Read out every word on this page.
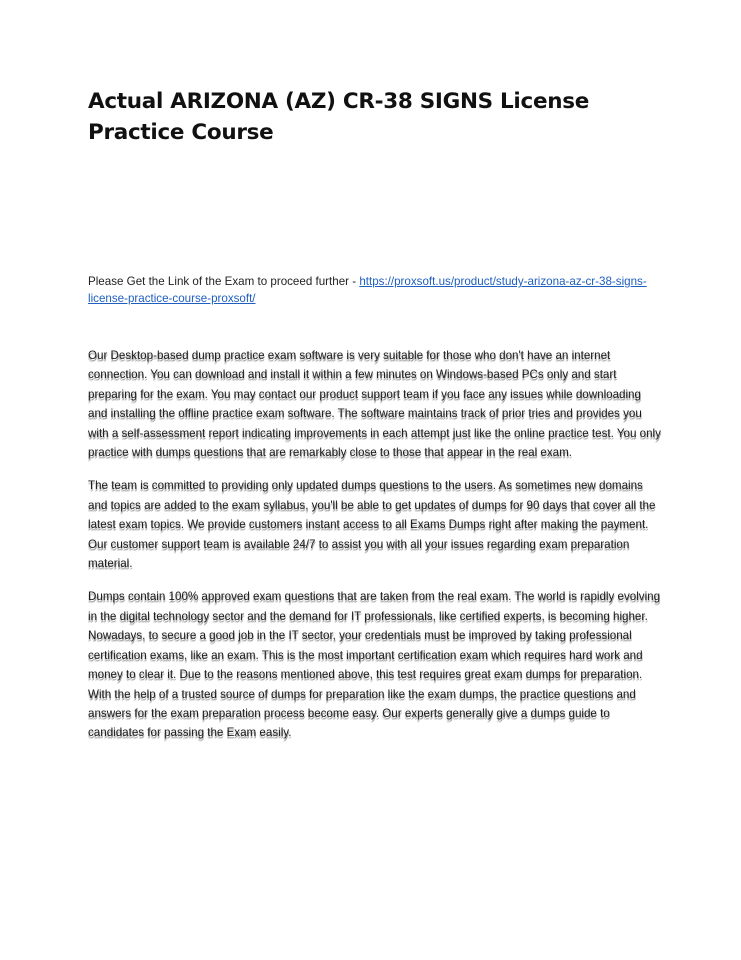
Actual ARIZONA (AZ) CR-38 SIGNS License Practice Course

Please Get the Link of the Exam to proceed further - https://proxsoft.us/product/study-arizona-az-cr-38-signs-license-practice-course-proxsoft/

Our Desktop-based dump practice exam software is very suitable for those who don't have an internet connection. You can download and install it within a few minutes on Windows-based PCs only and start preparing for the exam. You may contact our product support team if you face any issues while downloading and installing the offline practice exam software. The software maintains track of prior tries and provides you with a self-assessment report indicating improvements in each attempt just like the online practice test. You only practice with dumps questions that are remarkably close to those that appear in the real exam.

The team is committed to providing only updated dumps questions to the users. As sometimes new domains and topics are added to the exam syllabus, you'll be able to get updates of dumps for 90 days that cover all the latest exam topics. We provide customers instant access to all Exams Dumps right after making the payment. Our customer support team is available 24/7 to assist you with all your issues regarding exam preparation material.

Dumps contain 100% approved exam questions that are taken from the real exam. The world is rapidly evolving in the digital technology sector and the demand for IT professionals, like certified experts, is becoming higher. Nowadays, to secure a good job in the IT sector, your credentials must be improved by taking professional certification exams, like an exam. This is the most important certification exam which requires hard work and money to clear it. Due to the reasons mentioned above, this test requires great exam dumps for preparation. With the help of a trusted source of dumps for preparation like the exam dumps, the practice questions and answers for the exam preparation process become easy. Our experts generally give a dumps guide to candidates for passing the Exam easily.
